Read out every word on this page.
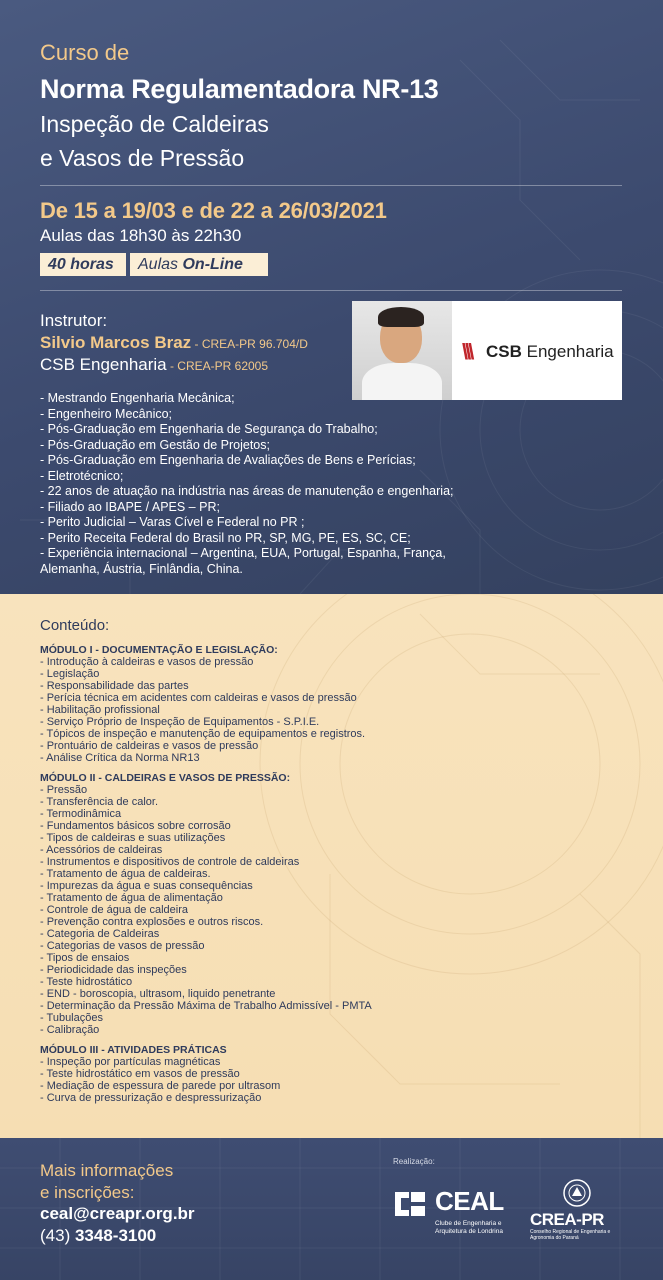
Curso de
Norma Regulamentadora NR-13
Inspeção de Caldeiras
e Vasos de Pressão
De 15 a 19/03 e de 22 a 26/03/2021
Aulas das 18h30 às 22h30
40 horas	Aulas On-Line
Instrutor:
Silvio Marcos Braz - CREA-PR 96.704/D
CSB Engenharia - CREA-PR 62005
\\\ CSB Engenharia
- Mestrando Engenharia Mecânica;
- Engenheiro Mecânico;
- Pós-Graduação em Engenharia de Segurança do Trabalho;
- Pós-Graduação em Gestão de Projetos;
- Pós-Graduação em Engenharia de Avaliações de Bens e Perícias;
- Eletrotécnico;
- 22 anos de atuação na indústria nas áreas de manutenção e engenharia;
- Filiado ao IBAPE / APES – PR;
- Perito Judicial – Varas Cível e Federal no PR ;
- Perito Receita Federal do Brasil no PR, SP, MG, PE, ES, SC, CE;
- Experiência internacional – Argentina, EUA, Portugal, Espanha, França,
Alemanha, Áustria, Finlândia, China.
Conteúdo:
MÓDULO I - DOCUMENTAÇÃO E LEGISLAÇÃO:
- Introdução à caldeiras e vasos de pressão
- Legislação
- Responsabilidade das partes
- Perícia técnica em acidentes com caldeiras e vasos de pressão
- Habilitação profissional
- Serviço Próprio de Inspeção de Equipamentos - S.P.I.E.
- Tópicos de inspeção e manutenção de equipamentos e registros.
- Prontuário de caldeiras e vasos de pressão
- Análise Crítica da Norma NR13
MÓDULO II - CALDEIRAS E VASOS DE PRESSÃO:
- Pressão
- Transferência de calor.
- Termodinâmica
- Fundamentos básicos sobre corrosão
- Tipos de caldeiras e suas utilizações
- Acessórios de caldeiras
- Instrumentos e dispositivos de controle de caldeiras
- Tratamento de água de caldeiras.
- Impurezas da água e suas consequências
- Tratamento de água de alimentação
- Controle de água de caldeira
- Prevenção contra explosões e outros riscos.
- Categoria de Caldeiras
- Categorias de vasos de pressão
- Tipos de ensaios
- Periodicidade das inspeções
- Teste hidrostático
- END - boroscopia, ultrasom, liquido penetrante
- Determinação da Pressão Máxima de Trabalho Admissível - PMTA
- Tubulações
- Calibração
MÓDULO III - ATIVIDADES PRÁTICAS
- Inspeção por partículas magnéticas
- Teste hidrostático em vasos de pressão
- Mediação de espessura de parede por ultrasom
- Curva de pressurização e despressurização
Mais informações
e inscrições:
ceal@creapr.org.br
(43) 3348-3100
Realização:
CEAL
Clube de Engenharia e Arquitetura de Londrina
CREA-PR
Conselho Regional de Engenharia e Agronomia do Paraná
